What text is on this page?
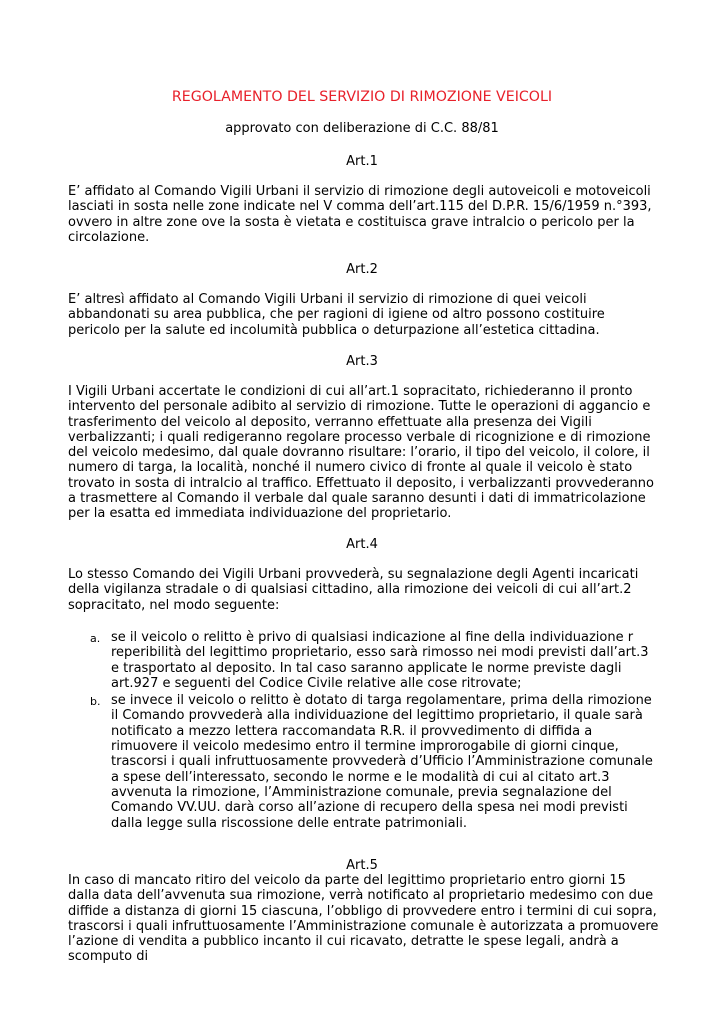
REGOLAMENTO DEL SERVIZIO DI RIMOZIONE VEICOLI

approvato con deliberazione di C.C. 88/81

Art.1

E’ affidato al Comando Vigili Urbani il servizio di rimozione degli autoveicoli e motoveicoli lasciati in sosta nelle zone indicate nel V comma dell’art.115 del D.P.R. 15/6/1959 n.°393, ovvero in altre zone ove la sosta è vietata e costituisca grave intralcio o pericolo per la circolazione.

Art.2

E’ altresì affidato al Comando Vigili Urbani il servizio di rimozione di quei veicoli abbandonati su area pubblica, che per ragioni di igiene od altro possono costituire pericolo per la salute ed incolumità pubblica o deturpazione all’estetica cittadina.

Art.3

I Vigili Urbani accertate le condizioni di cui all’art.1 sopracitato, richiederanno il pronto intervento del personale adibito al servizio di rimozione. Tutte le operazioni di aggancio e trasferimento del veicolo al deposito, verranno effettuate alla presenza dei Vigili verbalizzanti; i quali redigeranno regolare processo verbale di ricognizione e di rimozione del veicolo medesimo, dal quale dovranno risultare: l’orario, il tipo del veicolo, il colore, il numero di targa, la località, nonché il numero civico di fronte al quale il veicolo è stato trovato in sosta di intralcio al traffico. Effettuato il deposito, i verbalizzanti provvederanno a trasmettere al Comando il verbale dal quale saranno desunti i dati di immatricolazione per la esatta ed immediata individuazione del proprietario.

Art.4

Lo stesso Comando dei Vigili Urbani provvederà, su segnalazione degli Agenti incaricati della vigilanza stradale o di qualsiasi cittadino, alla rimozione dei veicoli di cui all’art.2 sopracitato, nel modo seguente:

a. se il veicolo o relitto è privo di qualsiasi indicazione al fine della individuazione r reperibilità del legittimo proprietario, esso sarà rimosso nei modi previsti dall’art.3 e trasportato al deposito. In tal caso saranno applicate le norme previste dagli art.927 e seguenti del Codice Civile relative alle cose ritrovate;
b. se invece il veicolo o relitto è dotato di targa regolamentare, prima della rimozione il Comando provvederà alla individuazione del legittimo proprietario, il quale sarà notificato a mezzo lettera raccomandata R.R. il provvedimento di diffida a rimuovere il veicolo medesimo entro il termine improrogabile di giorni cinque, trascorsi i quali infruttuosamente provvederà d’Ufficio l’Amministrazione comunale a spese dell’interessato, secondo le norme e le modalità di cui al citato art.3 avvenuta la rimozione, l’Amministrazione comunale, previa segnalazione del Comando VV.UU. darà corso all’azione di recupero della spesa nei modi previsti dalla legge sulla riscossione delle entrate patrimoniali.

Art.5

In caso di mancato ritiro del veicolo da parte del legittimo proprietario entro giorni 15 dalla data dell’avvenuta sua rimozione, verrà notificato al proprietario medesimo con due diffide a distanza di giorni 15 ciascuna, l’obbligo di provvedere entro i termini di cui sopra, trascorsi i quali infruttuosamente l’Amministrazione comunale è autorizzata a promuovere l’azione di vendita a pubblico incanto il cui ricavato, detratte le spese legali, andrà a scomputo di
